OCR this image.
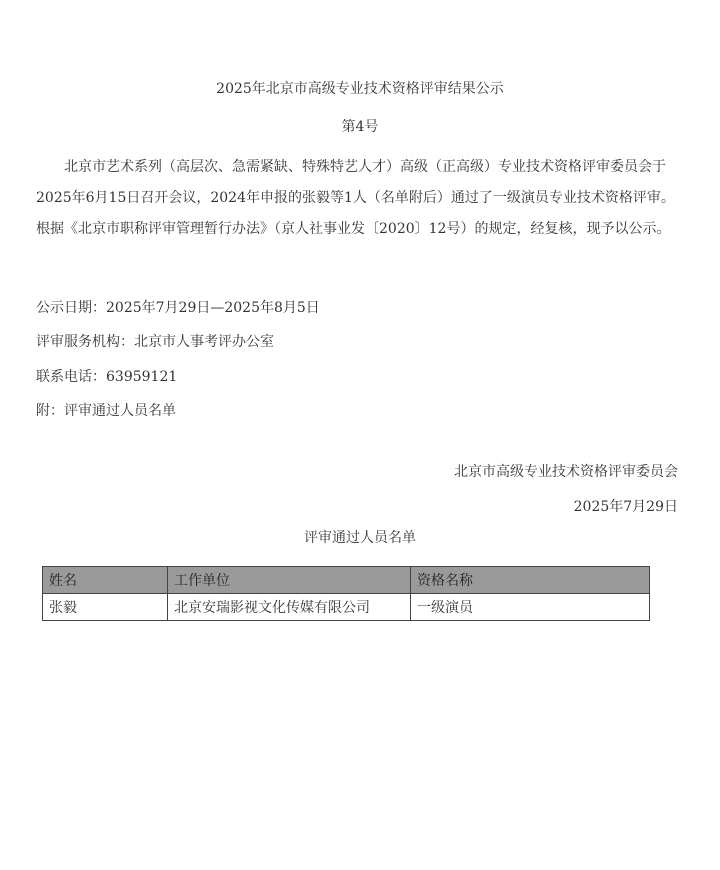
2025年北京市高级专业技术资格评审结果公示
第4号
北京市艺术系列（高层次、急需紧缺、特殊特艺人才）高级（正高级）专业技术资格评审委员会于2025年6月15日召开会议，2024年申报的张毅等1人（名单附后）通过了一级演员专业技术资格评审。根据《北京市职称评审管理暂行办法》（京人社事业发〔2020〕12号）的规定，经复核，现予以公示。
公示日期：2025年7月29日—2025年8月5日
评审服务机构：北京市人事考评办公室
联系电话：63959121
附：评审通过人员名单
北京市高级专业技术资格评审委员会
2025年7月29日
评审通过人员名单
姓名	工作单位	资格名称
张毅	北京安瑞影视文化传媒有限公司	一级演员
